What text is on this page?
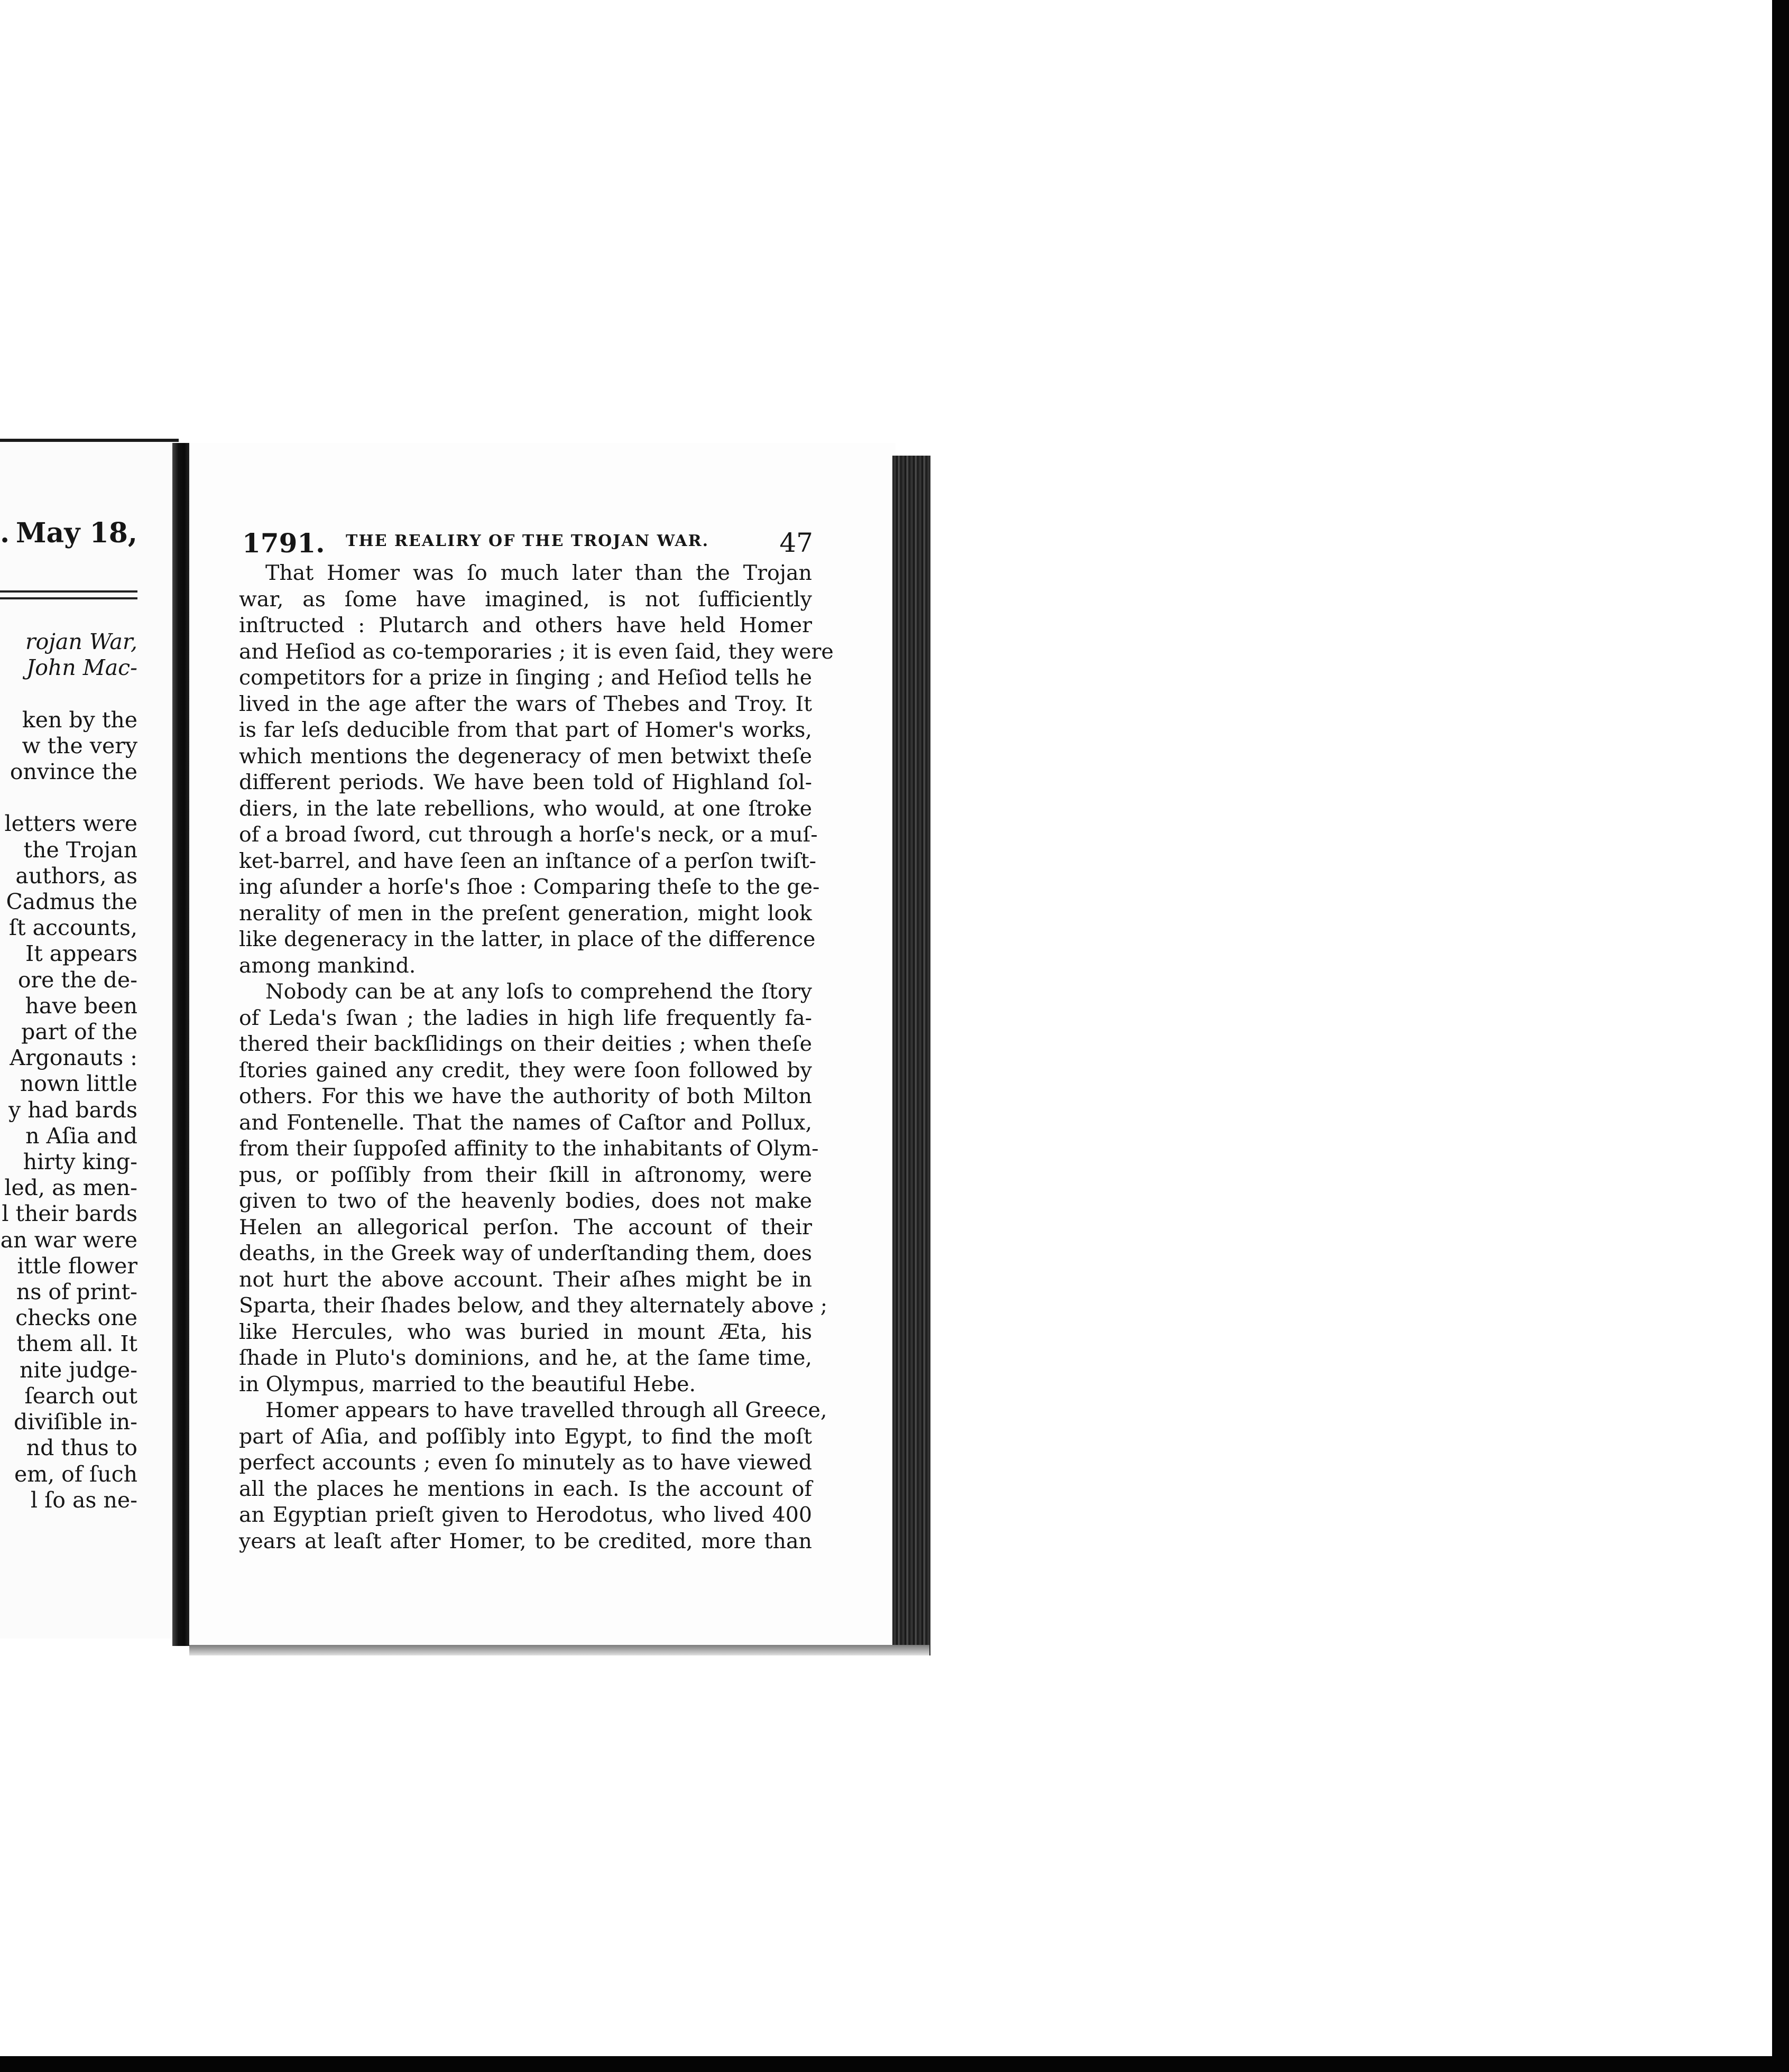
. May 18,
rojan War,
John Mac-

ken by the
w the very
onvince the

letters were
the Trojan
authors, as
Cadmus the
ſt accounts,
It appears
ore the de-
have been
part of the
Argonauts :
nown little
y had bards
n Aſia and
hirty king-
led, as men-
l their bards
an war were
ittle flower
ns of print-
checks one
them all. It
nite judge-
ſearch out
diviſible in-
nd thus to
em, of ſuch
l ſo as ne-
1791. THE REALIRY OF THE TROJAN WAR.	47
That Homer was ſo much later than the Trojan
war, as ſome have imagined, is not ſufficiently
inſtructed : Plutarch and others have held Homer
and Heſiod as co-temporaries ; it is even ſaid, they were
competitors for a prize in ſinging ; and Heſiod tells he
lived in the age after the wars of Thebes and Troy. It
is far leſs deducible from that part of Homer's works,
which mentions the degeneracy of men betwixt theſe
different periods. We have been told of Highland ſol-
diers, in the late rebellions, who would, at one ſtroke
of a broad ſword, cut through a horſe's neck, or a muſ-
ket-barrel, and have ſeen an inſtance of a perſon twiſt-
ing aſunder a horſe's ſhoe : Comparing theſe to the ge-
nerality of men in the preſent generation, might look
like degeneracy in the latter, in place of the difference
among mankind.
Nobody can be at any loſs to comprehend the ſtory
of Leda's ſwan ; the ladies in high life frequently fa-
thered their backſlidings on their deities ; when theſe
ſtories gained any credit, they were ſoon followed by
others. For this we have the authority of both Milton
and Fontenelle. That the names of Caſtor and Pollux,
from their ſuppoſed affinity to the inhabitants of Olym-
pus, or poſſibly from their ſkill in aſtronomy, were
given to two of the heavenly bodies, does not make
Helen an allegorical perſon. The account of their
deaths, in the Greek way of underſtanding them, does
not hurt the above account. Their aſhes might be in
Sparta, their ſhades below, and they alternately above ;
like Hercules, who was buried in mount Æta, his
ſhade in Pluto's dominions, and he, at the ſame time,
in Olympus, married to the beautiful Hebe.
Homer appears to have travelled through all Greece,
part of Aſia, and poſſibly into Egypt, to find the moſt
perfect accounts ; even ſo minutely as to have viewed
all the places he mentions in each. Is the account of
an Egyptian prieſt given to Herodotus, who lived 400
years at leaſt after Homer, to be credited, more than
